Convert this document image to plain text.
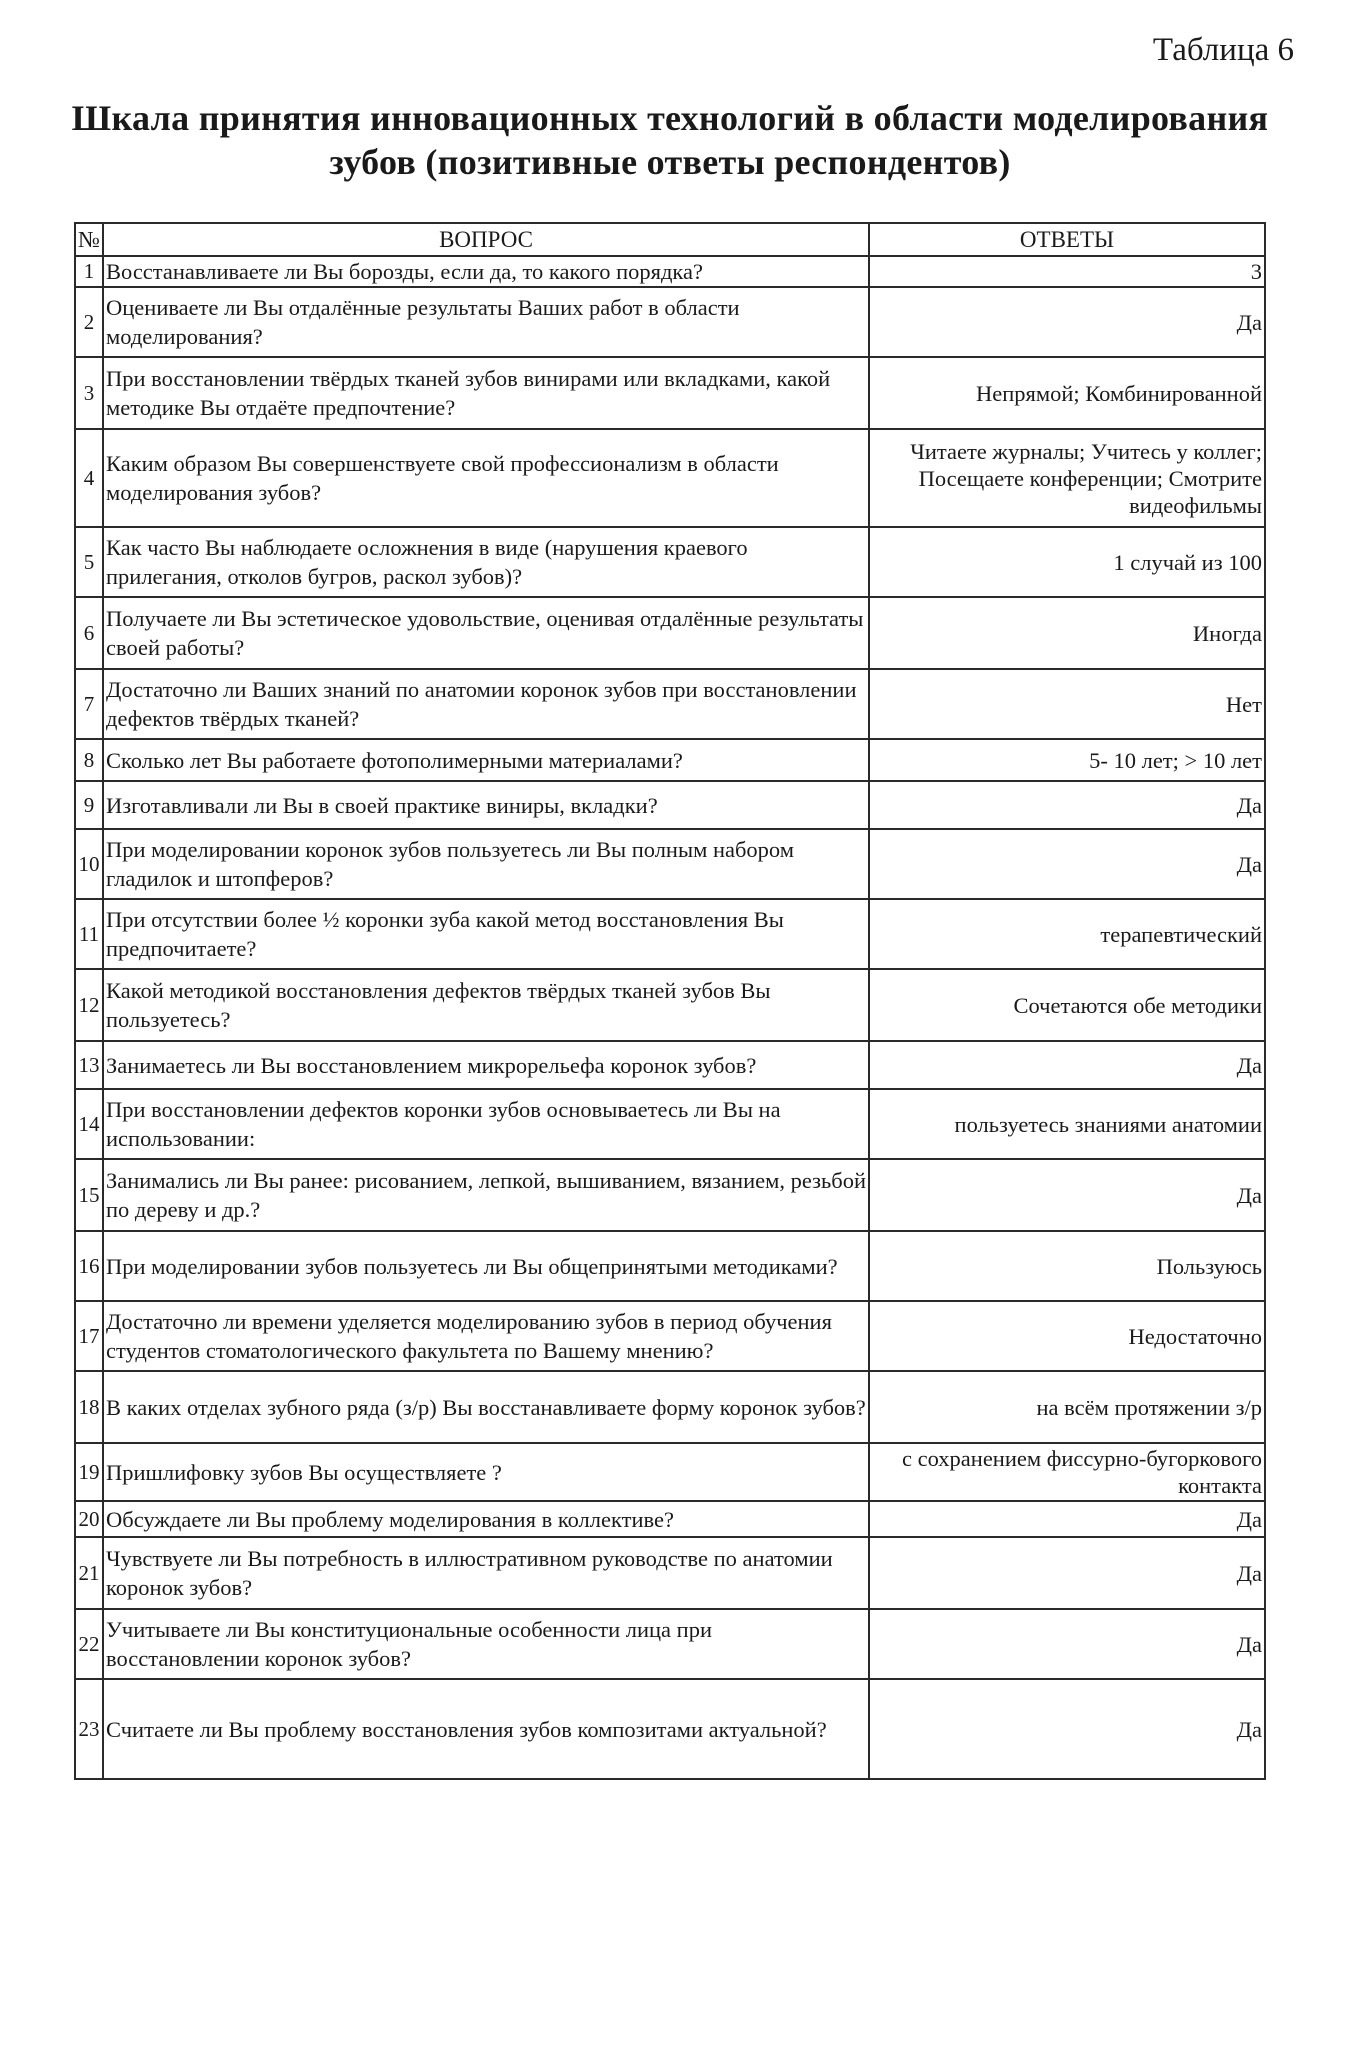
Таблица 6
Шкала принятия инновационных технологий в области моделирования
зубов (позитивные ответы респондентов)
№	ВОПРОС	ОТВЕТЫ
1	Восстанавливаете ли Вы борозды, если да, то какого порядка?	3
2	Оцениваете ли Вы отдалённые результаты Ваших работ в области моделирования?	Да
3	При восстановлении твёрдых тканей зубов винирами или вкладками, какой методике Вы отдаёте предпочтение?	Непрямой; Комбинированной
4	Каким образом Вы совершенствуете свой профессионализм в области моделирования зубов?	Читаете журналы; Учитесь у коллег; Посещаете конференции; Смотрите видеофильмы
5	Как часто Вы наблюдаете осложнения в виде (нарушения краевого прилегания, отколов бугров, раскол зубов)?	1 случай из 100
6	Получаете ли Вы эстетическое удовольствие, оценивая отдалённые результаты своей работы?	Иногда
7	Достаточно ли Ваших знаний по анатомии коронок зубов при восстановлении дефектов твёрдых тканей?	Нет
8	Сколько лет Вы работаете фотополимерными материалами?	5- 10 лет; > 10 лет
9	Изготавливали ли Вы в своей практике виниры, вкладки?	Да
10	При моделировании коронок зубов пользуетесь ли Вы полным набором гладилок и штопферов?	Да
11	При отсутствии более ½ коронки зуба какой метод восстановления Вы предпочитаете?	терапевтический
12	Какой методикой восстановления дефектов твёрдых тканей зубов Вы пользуетесь?	Сочетаются обе методики
13	Занимаетесь ли Вы восстановлением микрорельефа коронок зубов?	Да
14	При восстановлении дефектов коронки зубов основываетесь ли Вы на использовании:	пользуетесь знаниями анатомии
15	Занимались ли Вы ранее: рисованием, лепкой, вышиванием, вязанием, резьбой по дереву и др.?	Да
16	При моделировании зубов пользуетесь ли Вы общепринятыми методиками?	Пользуюсь
17	Достаточно ли времени уделяется моделированию зубов в период обучения студентов стоматологического факультета по Вашему мнению?	Недостаточно
18	В каких отделах зубного ряда (з/р) Вы восстанавливаете форму коронок зубов?	на всём протяжении з/р
19	Пришлифовку зубов Вы осуществляете ?	с сохранением фиссурно-бугоркового контакта
20	Обсуждаете ли Вы проблему моделирования в коллективе?	Да
21	Чувствуете ли Вы потребность в иллюстративном руководстве по анатомии коронок зубов?	Да
22	Учитываете ли Вы конституциональные особенности лица при восстановлении коронок зубов?	Да
23	Считаете ли Вы проблему восстановления зубов композитами актуальной?	Да
